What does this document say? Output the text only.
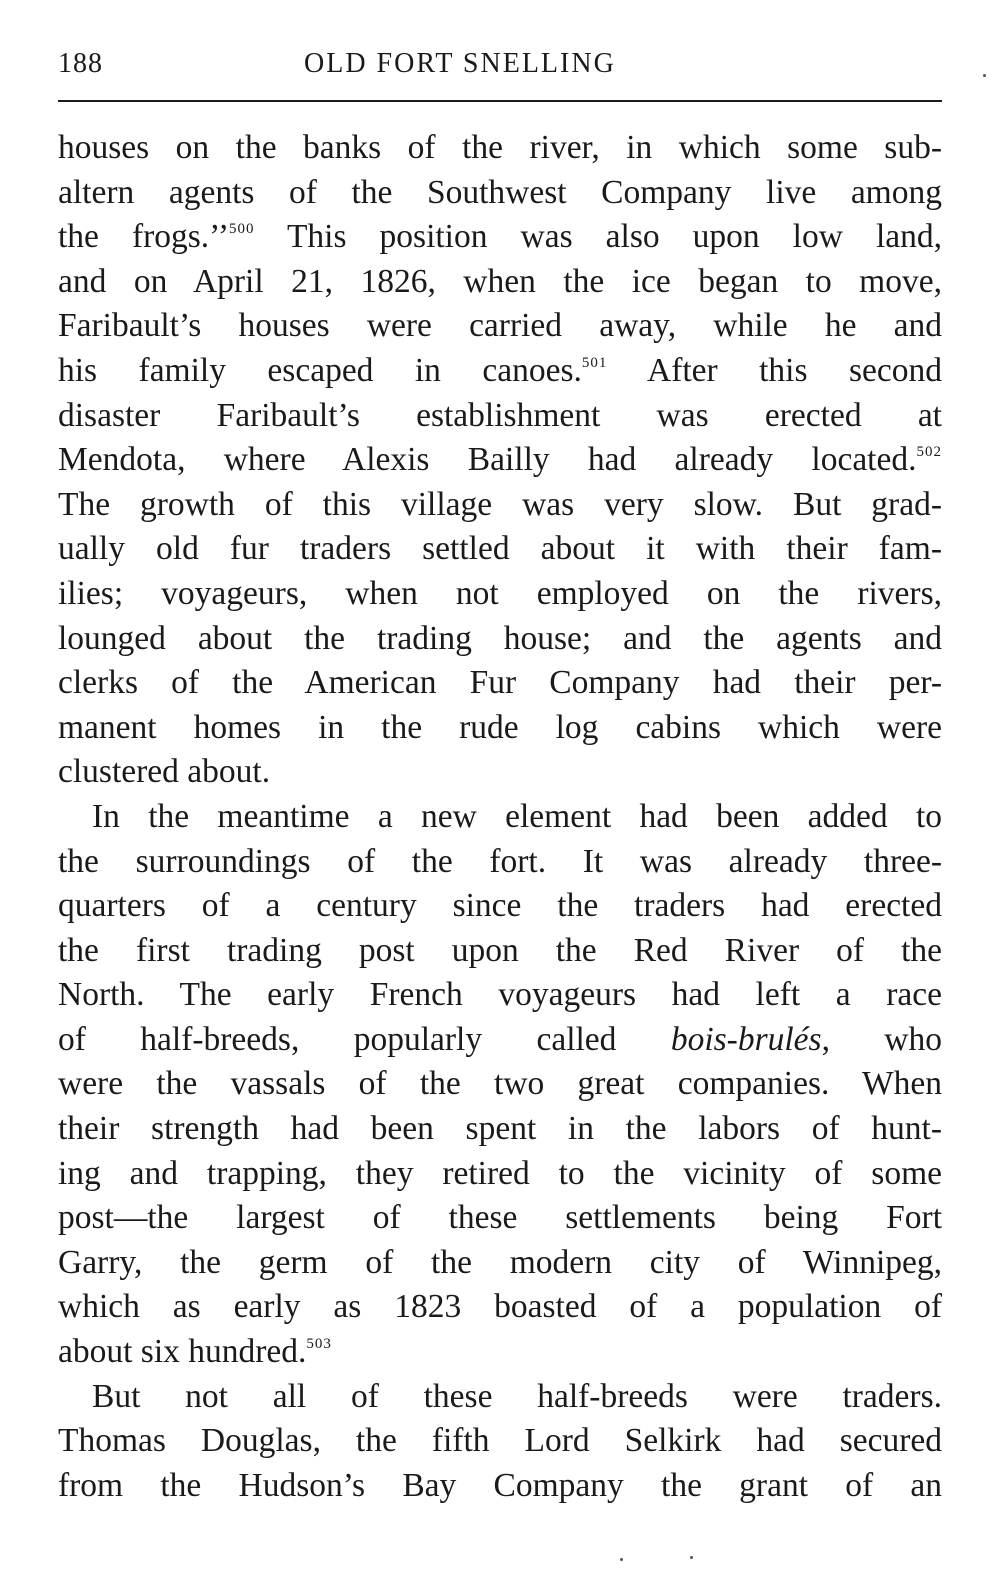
188	OLD FORT SNELLING
houses on the banks of the river, in which some sub-
altern agents of the Southwest Company live among
the frogs.’’$^{500}$ This position was also upon low land,
and on April 21, 1826, when the ice began to move,
Faribault’s houses were carried away, while he and
his family escaped in canoes.$^{501}$ After this second
disaster Faribault’s establishment was erected at
Mendota, where Alexis Bailly had already located.$^{502}$
The growth of this village was very slow. But grad-
ually old fur traders settled about it with their fam-
ilies; voyageurs, when not employed on the rivers,
lounged about the trading house; and the agents and
clerks of the American Fur Company had their per-
manent homes in the rude log cabins which were
clustered about.
In the meantime a new element had been added to
the surroundings of the fort. It was already three-
quarters of a century since the traders had erected
the first trading post upon the Red River of the
North. The early French voyageurs had left a race
of half-breeds, popularly called bois-brulés, who
were the vassals of the two great companies. When
their strength had been spent in the labors of hunt-
ing and trapping, they retired to the vicinity of some
post—the largest of these settlements being Fort
Garry, the germ of the modern city of Winnipeg,
which as early as 1823 boasted of a population of
about six hundred.$^{503}$
But not all of these half-breeds were traders.
Thomas Douglas, the fifth Lord Selkirk had secured
from the Hudson’s Bay Company the grant of an
